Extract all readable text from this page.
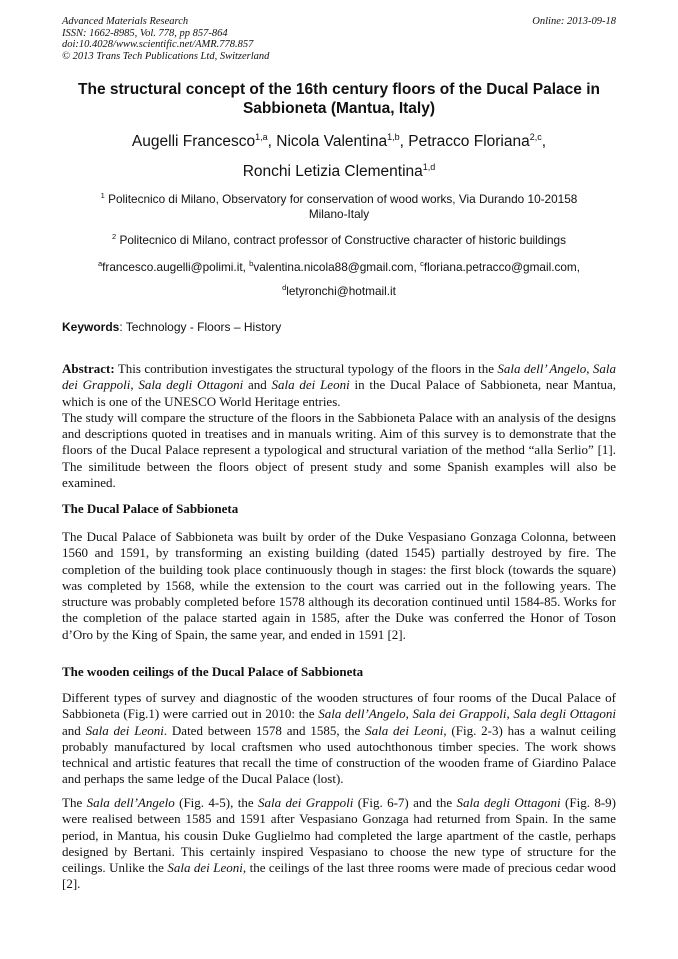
Advanced Materials Research
ISSN: 1662-8985, Vol. 778, pp 857-864
doi:10.4028/www.scientific.net/AMR.778.857
© 2013 Trans Tech Publications Ltd, Switzerland
Online: 2013-09-18
The structural concept of the 16th century floors of the Ducal Palace in
Sabbioneta (Mantua, Italy)
Augelli Francesco$^{1,a}$, Nicola Valentina$^{1,b}$, Petracco Floriana$^{2,c}$,
Ronchi Letizia Clementina$^{1,d}$
$^1$ Politecnico di Milano, Observatory for conservation of wood works, Via Durando 10-20158
Milano-Italy
$^2$ Politecnico di Milano, contract professor of Constructive character of historic buildings
$^a$francesco.augelli@polimi.it, $^b$valentina.nicola88@gmail.com, $^c$floriana.petracco@gmail.com,
$^d$letyronchi@hotmail.it
Keywords: Technology - Floors – History

Abstract: This contribution investigates the structural typology of the floors in the Sala dell’ Angelo, Sala dei Grappoli, Sala degli Ottagoni and Sala dei Leoni in the Ducal Palace of Sabbioneta, near Mantua, which is one of the UNESCO World Heritage entries.

The study will compare the structure of the floors in the Sabbioneta Palace with an analysis of the designs and descriptions quoted in treatises and in manuals writing. Aim of this survey is to demonstrate that the floors of the Ducal Palace represent a typological and structural variation of the method “alla Serlio” [1]. The similitude between the floors object of present study and some Spanish examples will also be examined.

The Ducal Palace of Sabbioneta

The Ducal Palace of Sabbioneta was built by order of the Duke Vespasiano Gonzaga Colonna, between 1560 and 1591, by transforming an existing building (dated 1545) partially destroyed by fire. The completion of the building took place continuously though in stages: the first block (towards the square) was completed by 1568, while the extension to the court was carried out in the following years. The structure was probably completed before 1578 although its decoration continued until 1584-85. Works for the completion of the palace started again in 1585, after the Duke was conferred the Honor of Toson d’Oro by the King of Spain, the same year, and ended in 1591 [2].

The wooden ceilings of the Ducal Palace of Sabbioneta

Different types of survey and diagnostic of the wooden structures of four rooms of the Ducal Palace of Sabbioneta (Fig.1) were carried out in 2010: the Sala dell’Angelo, Sala dei Grappoli, Sala degli Ottagoni and Sala dei Leoni. Dated between 1578 and 1585, the Sala dei Leoni, (Fig. 2-3) has a walnut ceiling probably manufactured by local craftsmen who used autochthonous timber species. The work shows technical and artistic features that recall the time of construction of the wooden frame of Giardino Palace and perhaps the same ledge of the Ducal Palace (lost).

The Sala dell’Angelo (Fig. 4-5), the Sala dei Grappoli (Fig. 6-7) and the Sala degli Ottagoni (Fig. 8-9) were realised between 1585 and 1591 after Vespasiano Gonzaga had returned from Spain. In the same period, in Mantua, his cousin Duke Guglielmo had completed the large apartment of the castle, perhaps designed by Bertani. This certainly inspired Vespasiano to choose the new type of structure for the ceilings. Unlike the Sala dei Leoni, the ceilings of the last three rooms were made of precious cedar wood [2].
